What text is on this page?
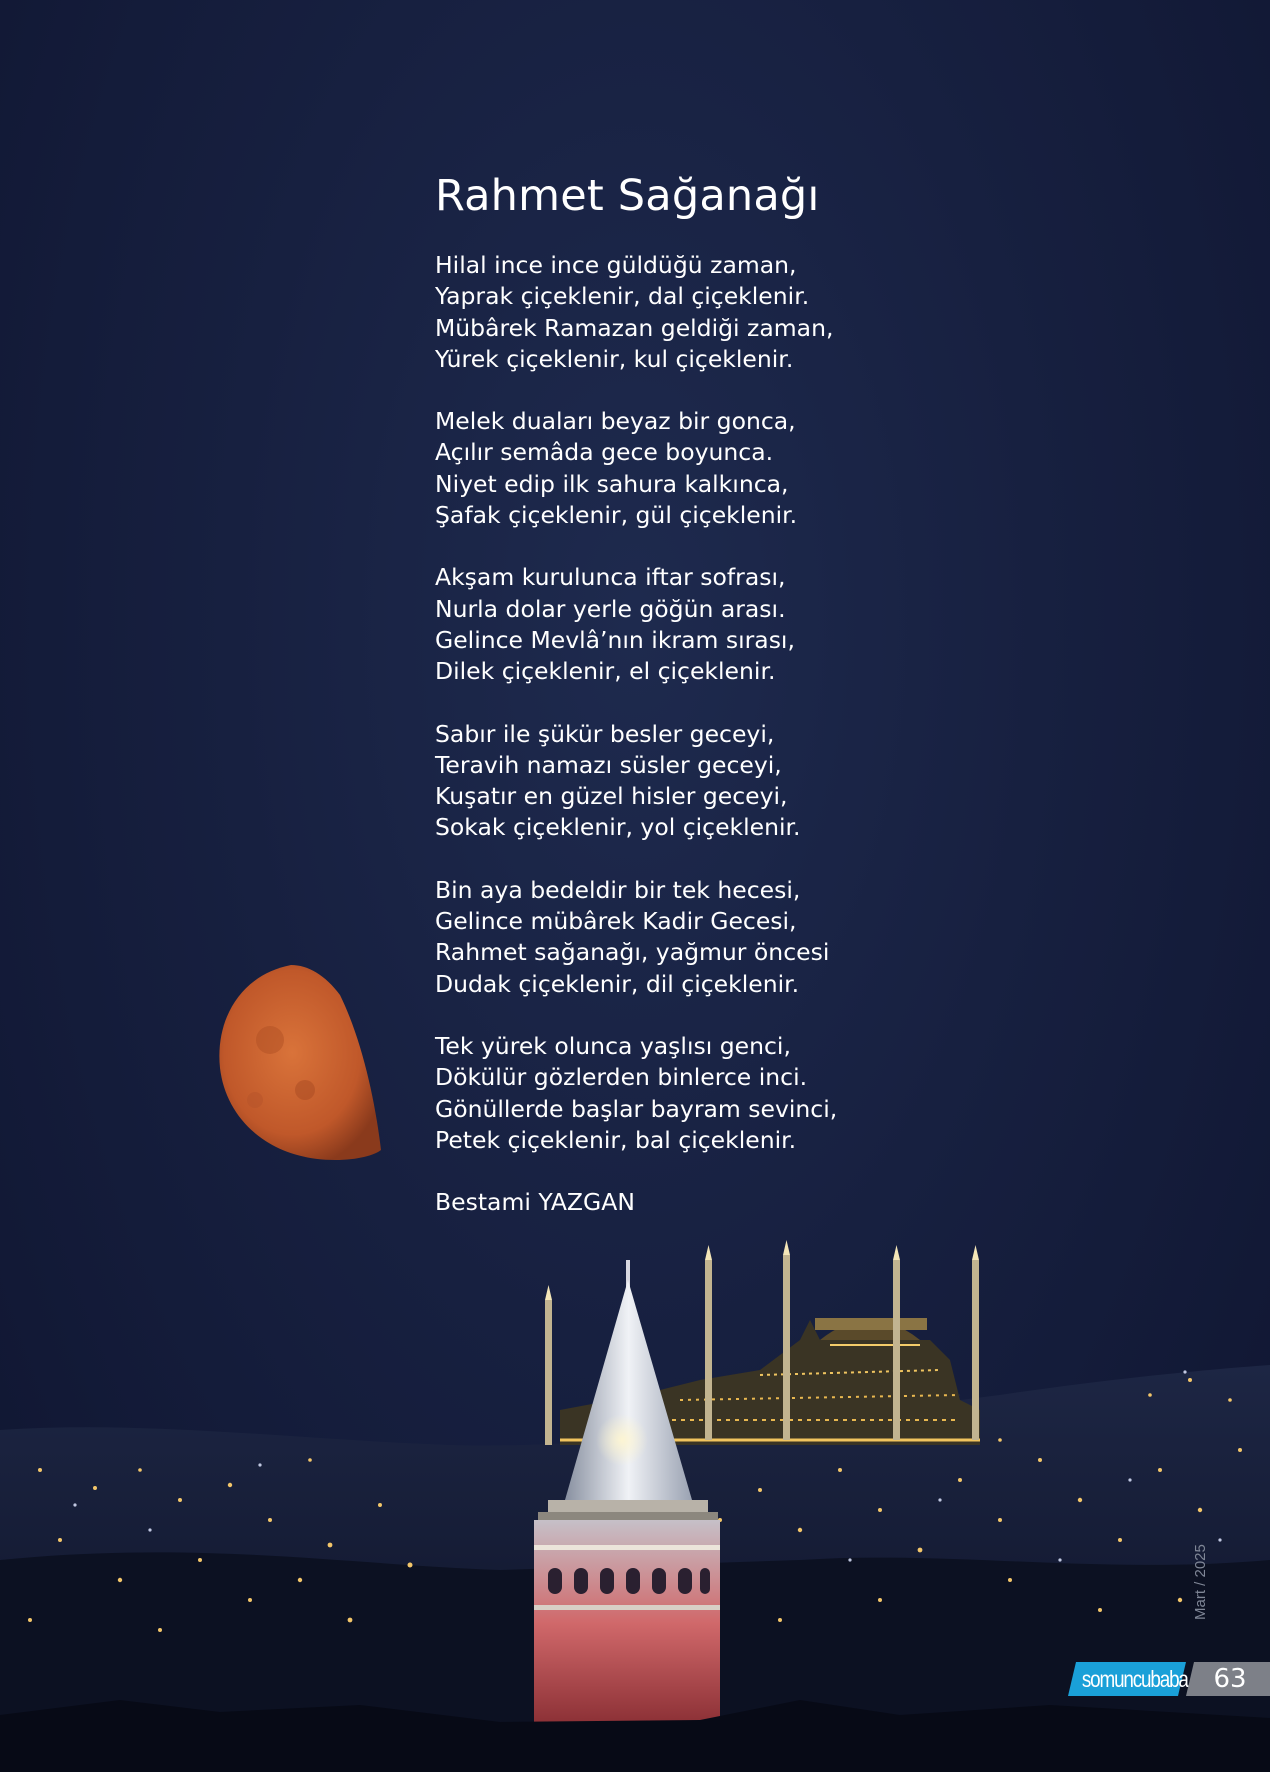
Rahmet Sağanağı
Hilal ince ince güldüğü zaman,
Yaprak çiçeklenir, dal çiçeklenir.
Mübârek Ramazan geldiği zaman,
Yürek çiçeklenir, kul çiçeklenir.
Melek duaları beyaz bir gonca,
Açılır semâda gece boyunca.
Niyet edip ilk sahura kalkınca,
Şafak çiçeklenir, gül çiçeklenir.
Akşam kurulunca iftar sofrası,
Nurla dolar yerle göğün arası.
Gelince Mevlâ’nın ikram sırası,
Dilek çiçeklenir, el çiçeklenir.
Sabır ile şükür besler geceyi,
Teravih namazı süsler geceyi,
Kuşatır en güzel hisler geceyi,
Sokak çiçeklenir, yol çiçeklenir.
Bin aya bedeldir bir tek hecesi,
Gelince mübârek Kadir Gecesi,
Rahmet sağanağı, yağmur öncesi
Dudak çiçeklenir, dil çiçeklenir.
Tek yürek olunca yaşlısı genci,
Dökülür gözlerden binlerce inci.
Gönüllerde başlar bayram sevinci,
Petek çiçeklenir, bal çiçeklenir.
Bestami YAZGAN
Mart / 2025
somuncubaba 63
